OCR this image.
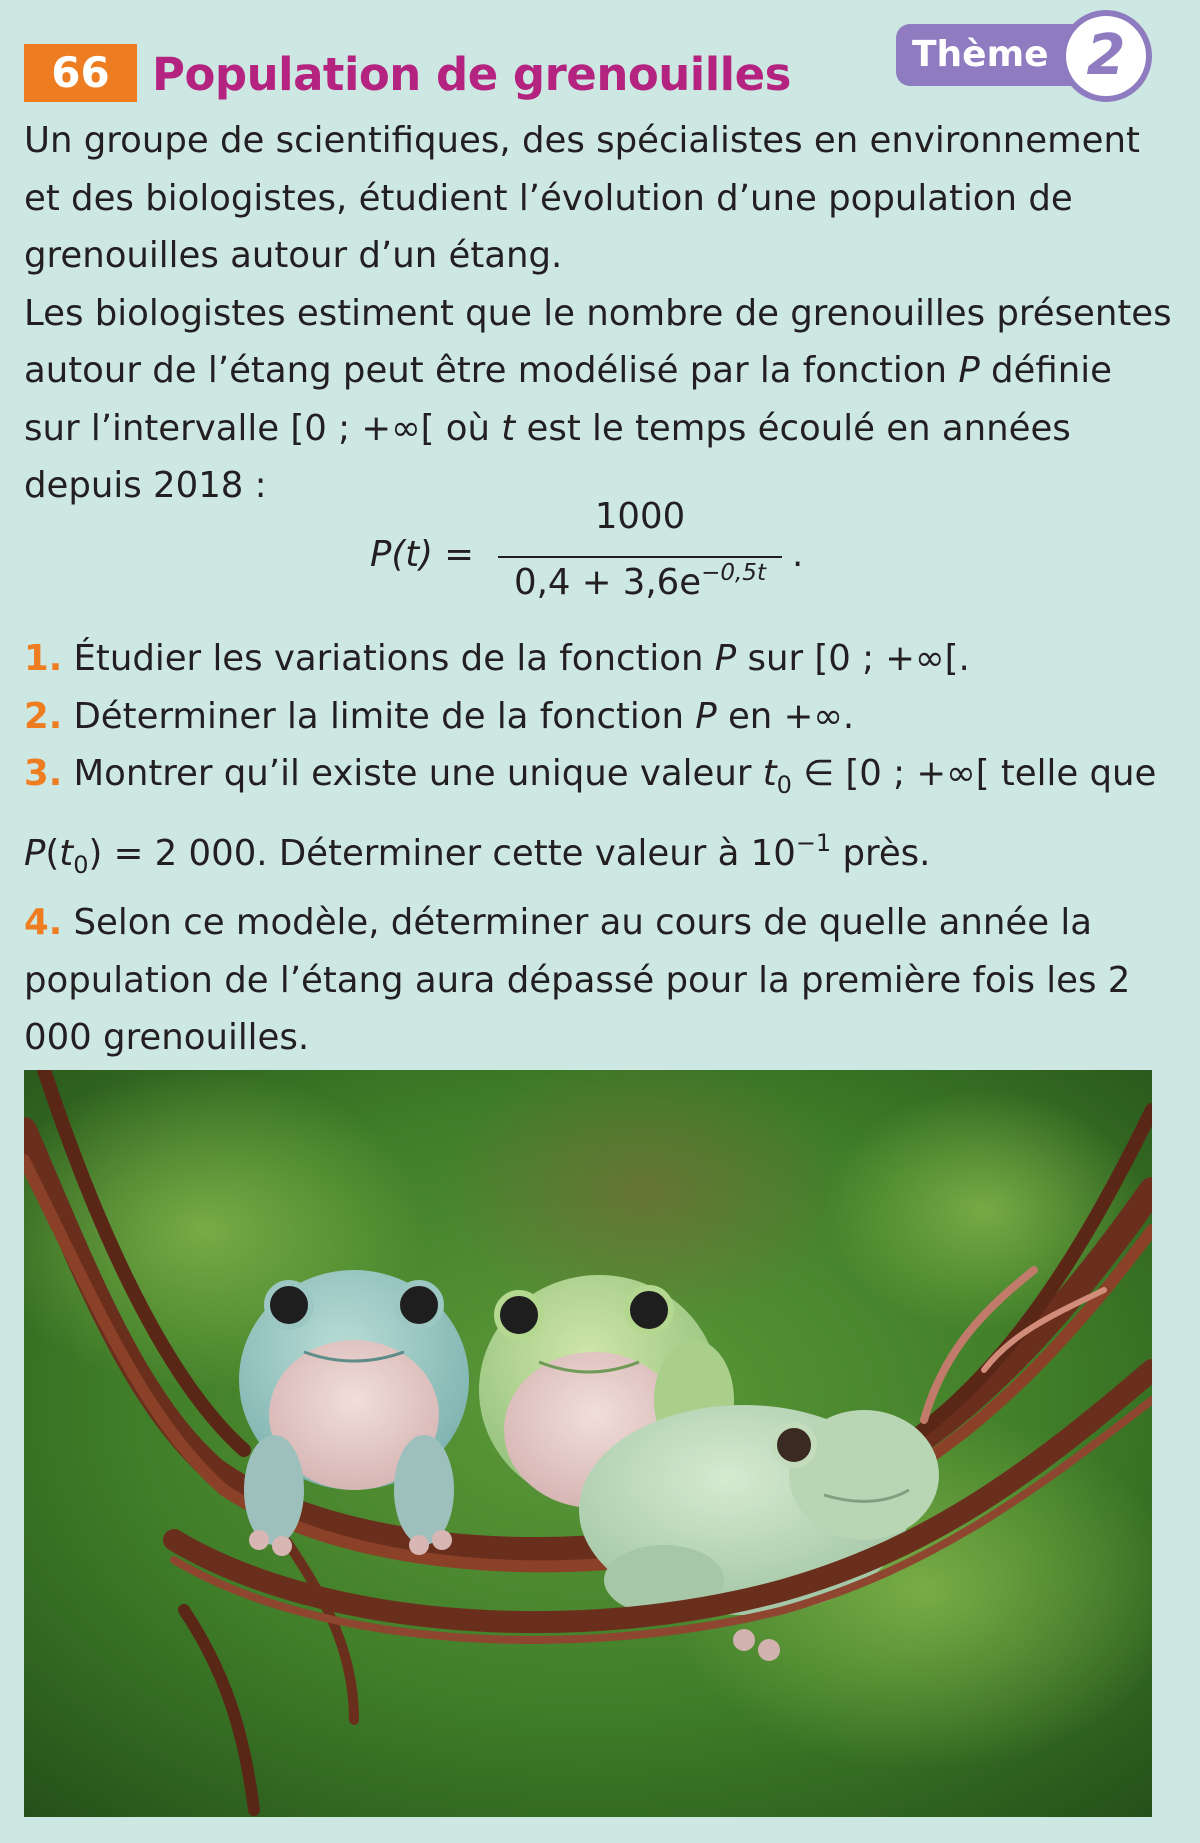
66 Population de grenouilles	Thème 2

Un groupe de scientifiques, des spécialistes en environnement et des biologistes, étudient l’évolution d’une population de grenouilles autour d’un étang.

Les biologistes estiment que le nombre de grenouilles présentes autour de l’étang peut être modélisé par la fonction P définie sur l’intervalle [0 ; +∞[ où t est le temps écoulé en années depuis 2018 :

P(t) =
1000
$0,4 + 3,6e^{-0,5t}$ .

1. Étudier les variations de la fonction P sur [0 ; +∞[.

2. Déterminer la limite de la fonction P en +∞.

3. Montrer qu’il existe une unique valeur $t_0$ ∈ [0 ; +∞[ telle que $P(t_0) = 2$ 000. Déterminer cette valeur à $10^{-1}$ près.

4. Selon ce modèle, déterminer au cours de quelle année la population de l’étang aura dépassé pour la première fois les 2 000 grenouilles.
